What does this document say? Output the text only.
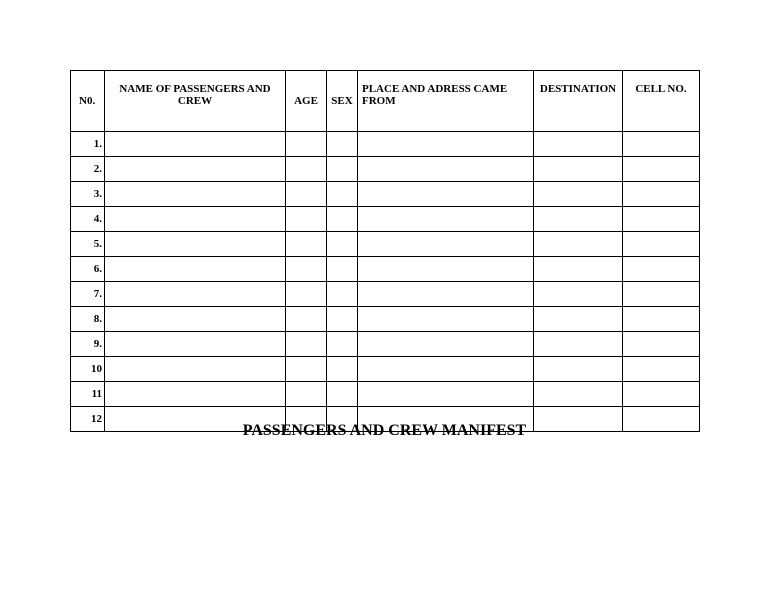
N0.	NAME OF PASSENGERS AND CREW	AGE	SEX	PLACE AND ADRESS CAME FROM	DESTINATION	CELL NO.
1.						
2.						
3.						
4.						
5.						
6.						
7.						
8.						
9.						
10						
11						
12						
PASSENGERS AND CREW MANIFEST
